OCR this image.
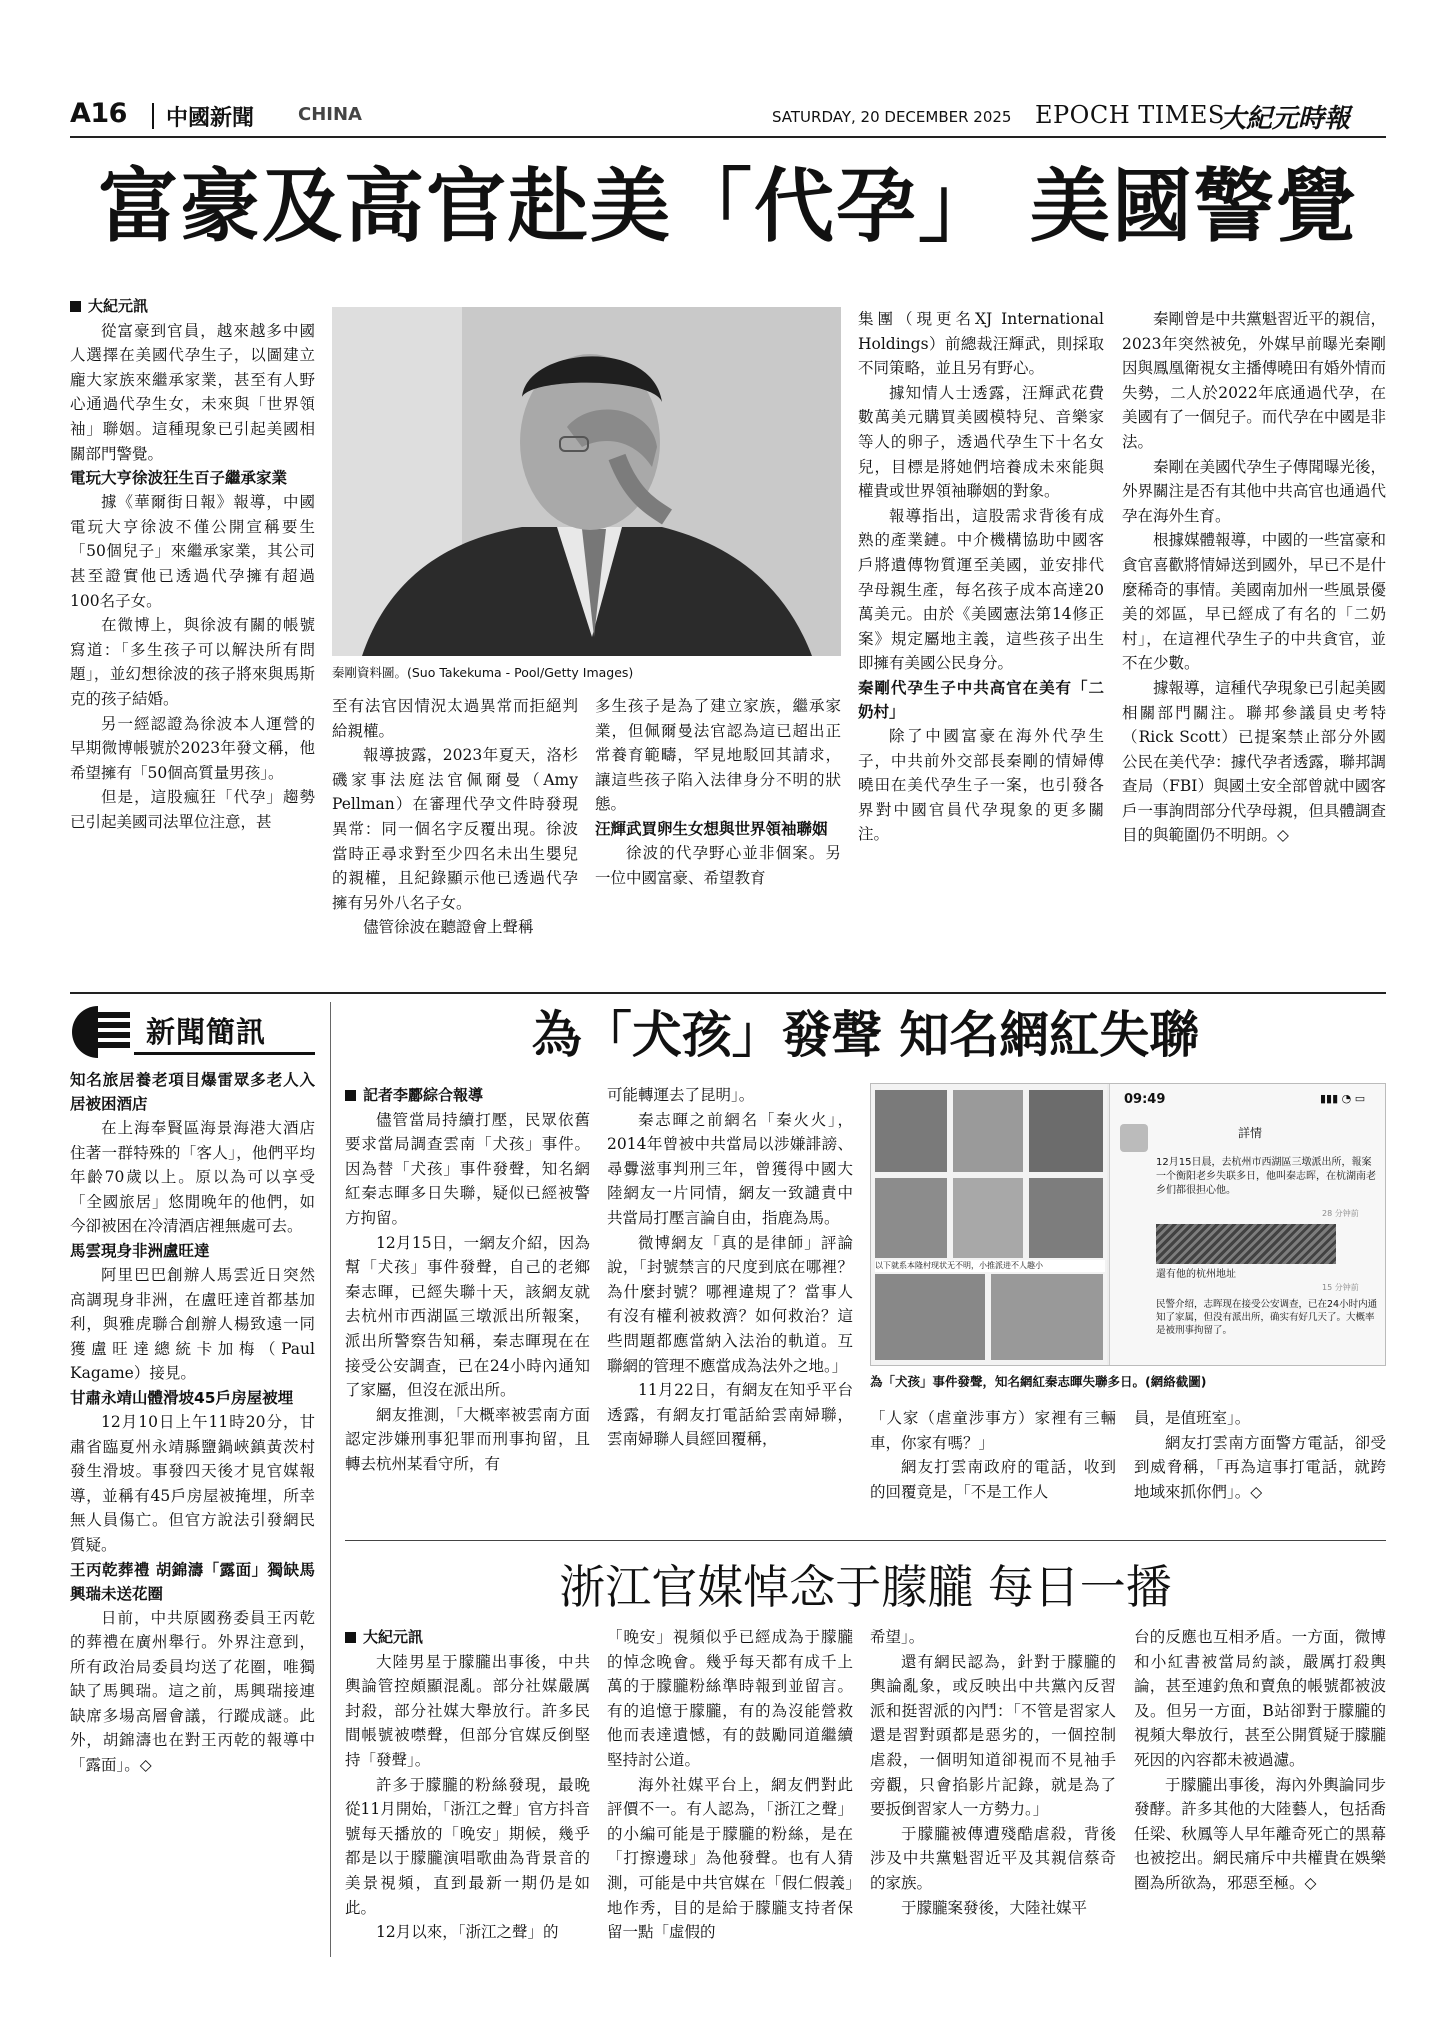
A16 中國新聞 CHINA	SATURDAY, 20 DECEMBER 2025 EPOCH TIMES
大紀元時報
富豪及高官赴美「代孕」 美國警覺

大紀元訊

從富豪到官員，越來越多中國人選擇在美國代孕生子，以圖建立龐大家族來繼承家業，甚至有人野心通過代孕生女，未來與「世界領袖」聯姻。這種現象已引起美國相關部門警覺。

電玩大亨徐波狂生百子繼承家業

據《華爾街日報》報導，中國電玩大亨徐波不僅公開宣稱要生「50個兒子」來繼承家業，其公司甚至證實他已透過代孕擁有超過100名子女。

在微博上，與徐波有關的帳號寫道：「多生孩子可以解決所有問題」，並幻想徐波的孩子將來與馬斯克的孩子結婚。

另一經認證為徐波本人運營的早期微博帳號於2023年發文稱，他希望擁有「50個高質量男孩」。

但是，這股瘋狂「代孕」趨勢已引起美國司法單位注意，甚

秦剛資料圖。(Suo Takekuma - Pool/Getty Images)

至有法官因情況太過異常而拒絕判給親權。

報導披露，2023年夏天，洛杉磯家事法庭法官佩爾曼（Amy Pellman）在審理代孕文件時發現異常：同一個名字反覆出現。徐波當時正尋求對至少四名未出生嬰兒的親權，且紀錄顯示他已透過代孕擁有另外八名子女。

儘管徐波在聽證會上聲稱

多生孩子是為了建立家族，繼承家業，但佩爾曼法官認為這已超出正常養育範疇，罕見地駁回其請求，讓這些孩子陷入法律身分不明的狀態。

汪輝武買卵生女想與世界領袖聯姻

徐波的代孕野心並非個案。另一位中國富豪、希望教育

集團（現更名XJ International Holdings）前總裁汪輝武，則採取不同策略，並且另有野心。

據知情人士透露，汪輝武花費數萬美元購買美國模特兒、音樂家等人的卵子，透過代孕生下十名女兒，目標是將她們培養成未來能與權貴或世界領袖聯姻的對象。

報導指出，這股需求背後有成熟的產業鏈。中介機構協助中國客戶將遺傳物質運至美國，並安排代孕母親生產，每名孩子成本高達20萬美元。由於《美國憲法第14修正案》規定屬地主義，這些孩子出生即擁有美國公民身分。

秦剛代孕生子中共高官在美有「二奶村」

除了中國富豪在海外代孕生子，中共前外交部長秦剛的情婦傅曉田在美代孕生子一案，也引發各界對中國官員代孕現象的更多關注。

秦剛曾是中共黨魁習近平的親信，2023年突然被免，外媒早前曝光秦剛因與鳳凰衛視女主播傅曉田有婚外情而失勢，二人於2022年底通過代孕，在美國有了一個兒子。而代孕在中國是非法。

秦剛在美國代孕生子傳聞曝光後，外界關注是否有其他中共高官也通過代孕在海外生育。

根據媒體報導，中國的一些富豪和貪官喜歡將情婦送到國外，早已不是什麼稀奇的事情。美國南加州一些風景優美的郊區，早已經成了有名的「二奶村」，在這裡代孕生子的中共貪官，並不在少數。

據報導，這種代孕現象已引起美國相關部門關注。聯邦參議員史考特（Rick Scott）已提案禁止部分外國公民在美代孕：據代孕者透露，聯邦調查局（FBI）與國土安全部曾就中國客戶一事詢問部分代孕母親，但具體調查目的與範圍仍不明朗。◇

新聞簡訊

知名旅居養老項目爆雷眾多老人入居被困酒店

在上海奉賢區海景海港大酒店住著一群特殊的「客人」，他們平均年齡70歲以上。原以為可以享受「全國旅居」悠閒晚年的他們，如今卻被困在冷清酒店裡無處可去。

馬雲現身非洲盧旺達

阿里巴巴創辦人馬雲近日突然高調現身非洲，在盧旺達首都基加利，與雅虎聯合創辦人楊致遠一同獲盧旺達總統卡加梅（Paul Kagame）接見。

甘肅永靖山體滑坡45戶房屋被埋

12月10日上午11時20分，甘肅省臨夏州永靖縣鹽鍋峽鎮黃茨村發生滑坡。事發四天後才見官媒報導，並稱有45戶房屋被掩埋，所幸無人員傷亡。但官方說法引發網民質疑。

王丙乾葬禮 胡錦濤「露面」獨缺馬興瑞未送花圈

日前，中共原國務委員王丙乾的葬禮在廣州舉行。外界注意到，所有政治局委員均送了花圈，唯獨缺了馬興瑞。這之前，馬興瑞接連缺席多場高層會議，行蹤成謎。此外，胡錦濤也在對王丙乾的報導中「露面」。◇

為「犬孩」發聲 知名網紅失聯

記者李酈綜合報導

儘管當局持續打壓，民眾依舊要求當局調查雲南「犬孩」事件。因為替「犬孩」事件發聲，知名網紅秦志暉多日失聯，疑似已經被警方拘留。

12月15日，一網友介紹，因為幫「犬孩」事件發聲，自己的老鄉秦志暉，已經失聯十天，該網友就去杭州市西湖區三墩派出所報案，派出所警察告知稱，秦志暉現在在接受公安調查，已在24小時內通知了家屬，但沒在派出所。

網友推測，「大概率被雲南方面認定涉嫌刑事犯罪而刑事拘留，且轉去杭州某看守所，有

可能轉運去了昆明」。

秦志暉之前網名「秦火火」，2014年曾被中共當局以涉嫌誹謗、尋釁滋事判刑三年，曾獲得中國大陸網友一片同情，網友一致譴責中共當局打壓言論自由，指鹿為馬。

微博網友「真的是律師」評論說，「封號禁言的尺度到底在哪裡？為什麼封號？哪裡違規了？當事人有沒有權利被救濟？如何救治？這些問題都應當納入法治的軌道。互聯網的管理不應當成為法外之地。」

11月22日，有網友在知乎平台透露，有網友打電話給雲南婦聯，雲南婦聯人員經回覆稱，

以下就系本隆村现状无不明，小推派进不人趣小
09:49	▮▮▮ ◔ ▭
詳情
12月15日晨，去杭州市西湖區三墩派出所，報案一个衡阳老乡失联多日，他叫秦志晖，在杭湖南老乡们都很担心他。
28 分钟前
還有他的杭州地址
15 分钟前
民警介绍，志晖现在接受公安调查，已在24小时内通知了家属，但没有派出所，确实有好几天了。大概率是被刑事拘留了。
為「犬孩」事件發聲，知名網紅秦志暉失聯多日。(網絡截圖)

「人家（虐童涉事方）家裡有三輛車，你家有嗎？」

網友打雲南政府的電話，收到的回覆竟是，「不是工作人

員，是值班室」。

網友打雲南方面警方電話，卻受到威脅稱，「再為這事打電話，就跨地域來抓你們」。◇

浙江官媒悼念于朦朧 每日一播

大紀元訊

大陸男星于朦朧出事後，中共輿論管控頗顯混亂。部分社媒嚴厲封殺，部分社媒大舉放行。許多民間帳號被噤聲，但部分官媒反倒堅持「發聲」。

許多于朦朧的粉絲發現，最晚從11月開始，「浙江之聲」官方抖音號每天播放的「晚安」期候，幾乎都是以于朦朧演唱歌曲為背景音的美景視頻，直到最新一期仍是如此。

12月以來，「浙江之聲」的

「晚安」視頻似乎已經成為于朦朧的悼念晚會。幾乎每天都有成千上萬的于朦朧粉絲準時報到並留言。有的追憶于朦朧，有的為沒能營救他而表達遺憾，有的鼓勵同道繼續堅持討公道。

海外社媒平台上，網友們對此評價不一。有人認為，「浙江之聲」的小編可能是于朦朧的粉絲，是在「打擦邊球」為他發聲。也有人猜測，可能是中共官媒在「假仁假義」地作秀，目的是給于朦朧支持者保留一點「虛假的

希望」。

還有網民認為，針對于朦朧的輿論亂象，或反映出中共黨內反習派和挺習派的內鬥：「不管是習家人還是習對頭都是惡劣的，一個控制虐殺，一個明知道卻視而不見袖手旁觀，只會掐影片記錄，就是為了要扳倒習家人一方勢力。」

于朦朧被傳遭殘酷虐殺，背後涉及中共黨魁習近平及其親信蔡奇的家族。

于朦朧案發後，大陸社媒平

台的反應也互相矛盾。一方面，微博和小紅書被當局約談，嚴厲打殺輿論，甚至連釣魚和賣魚的帳號都被波及。但另一方面，B站卻對于朦朧的視頻大舉放行，甚至公開質疑于朦朧死因的內容都未被過濾。

于朦朧出事後，海內外輿論同步發酵。許多其他的大陸藝人，包括喬任梁、秋鳳等人早年離奇死亡的黑幕也被挖出。網民痛斥中共權貴在娛樂圈為所欲為，邪惡至極。◇
